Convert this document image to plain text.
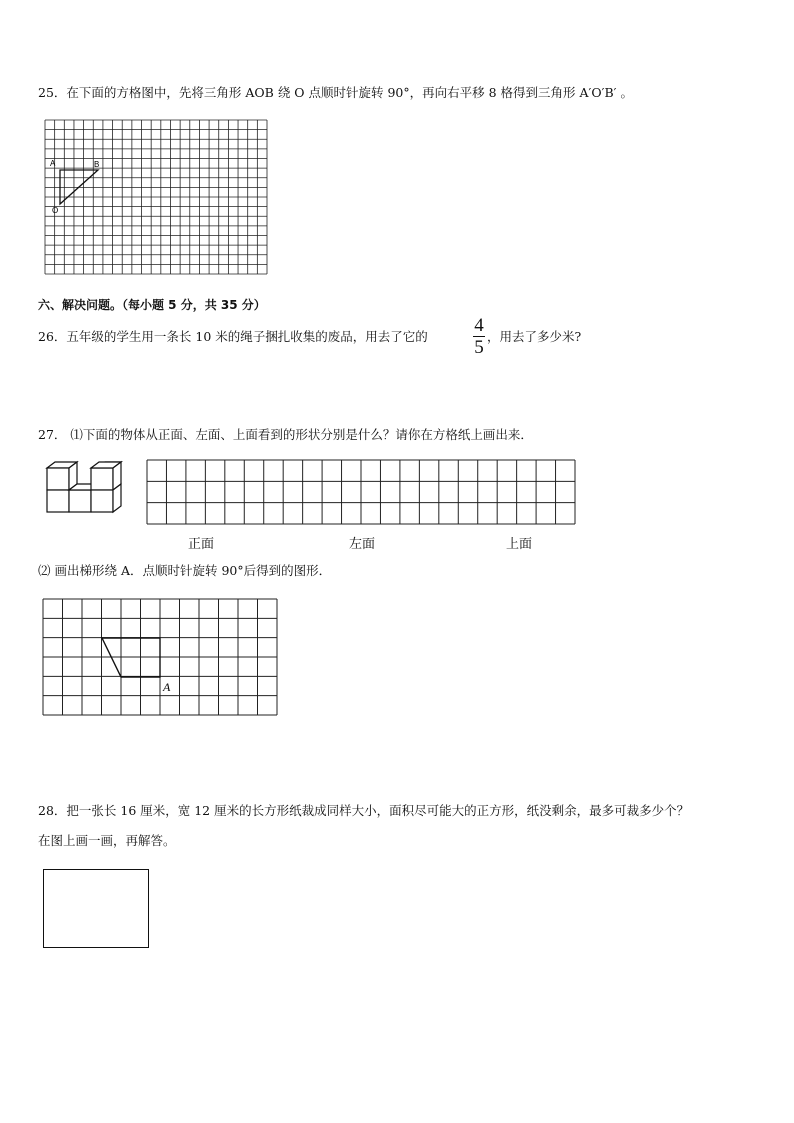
25．在下面的方格图中，先将三角形 AOB 绕 O 点顺时针旋转 90°，再向右平移 8 格得到三角形 A′O′B′ 。
A	B
O
六、解决问题。（每小题 5 分，共 35 分）
26．五年级的学生用一条长 10 米的绳子捆扎收集的废品，用去了它的
4
5
，用去了多少米?
27． ⑴下面的物体从正面、左面、上面看到的形状分别是什么？请你在方格纸上画出来．
正面	左面	上面
⑵ 画出梯形绕 A．点顺时针旋转 90°后得到的图形．
A
28．把一张长 16 厘米，宽 12 厘米的长方形纸裁成同样大小，面积尽可能大的正方形，纸没剩余，最多可裁多少个？
在图上画一画，再解答。
